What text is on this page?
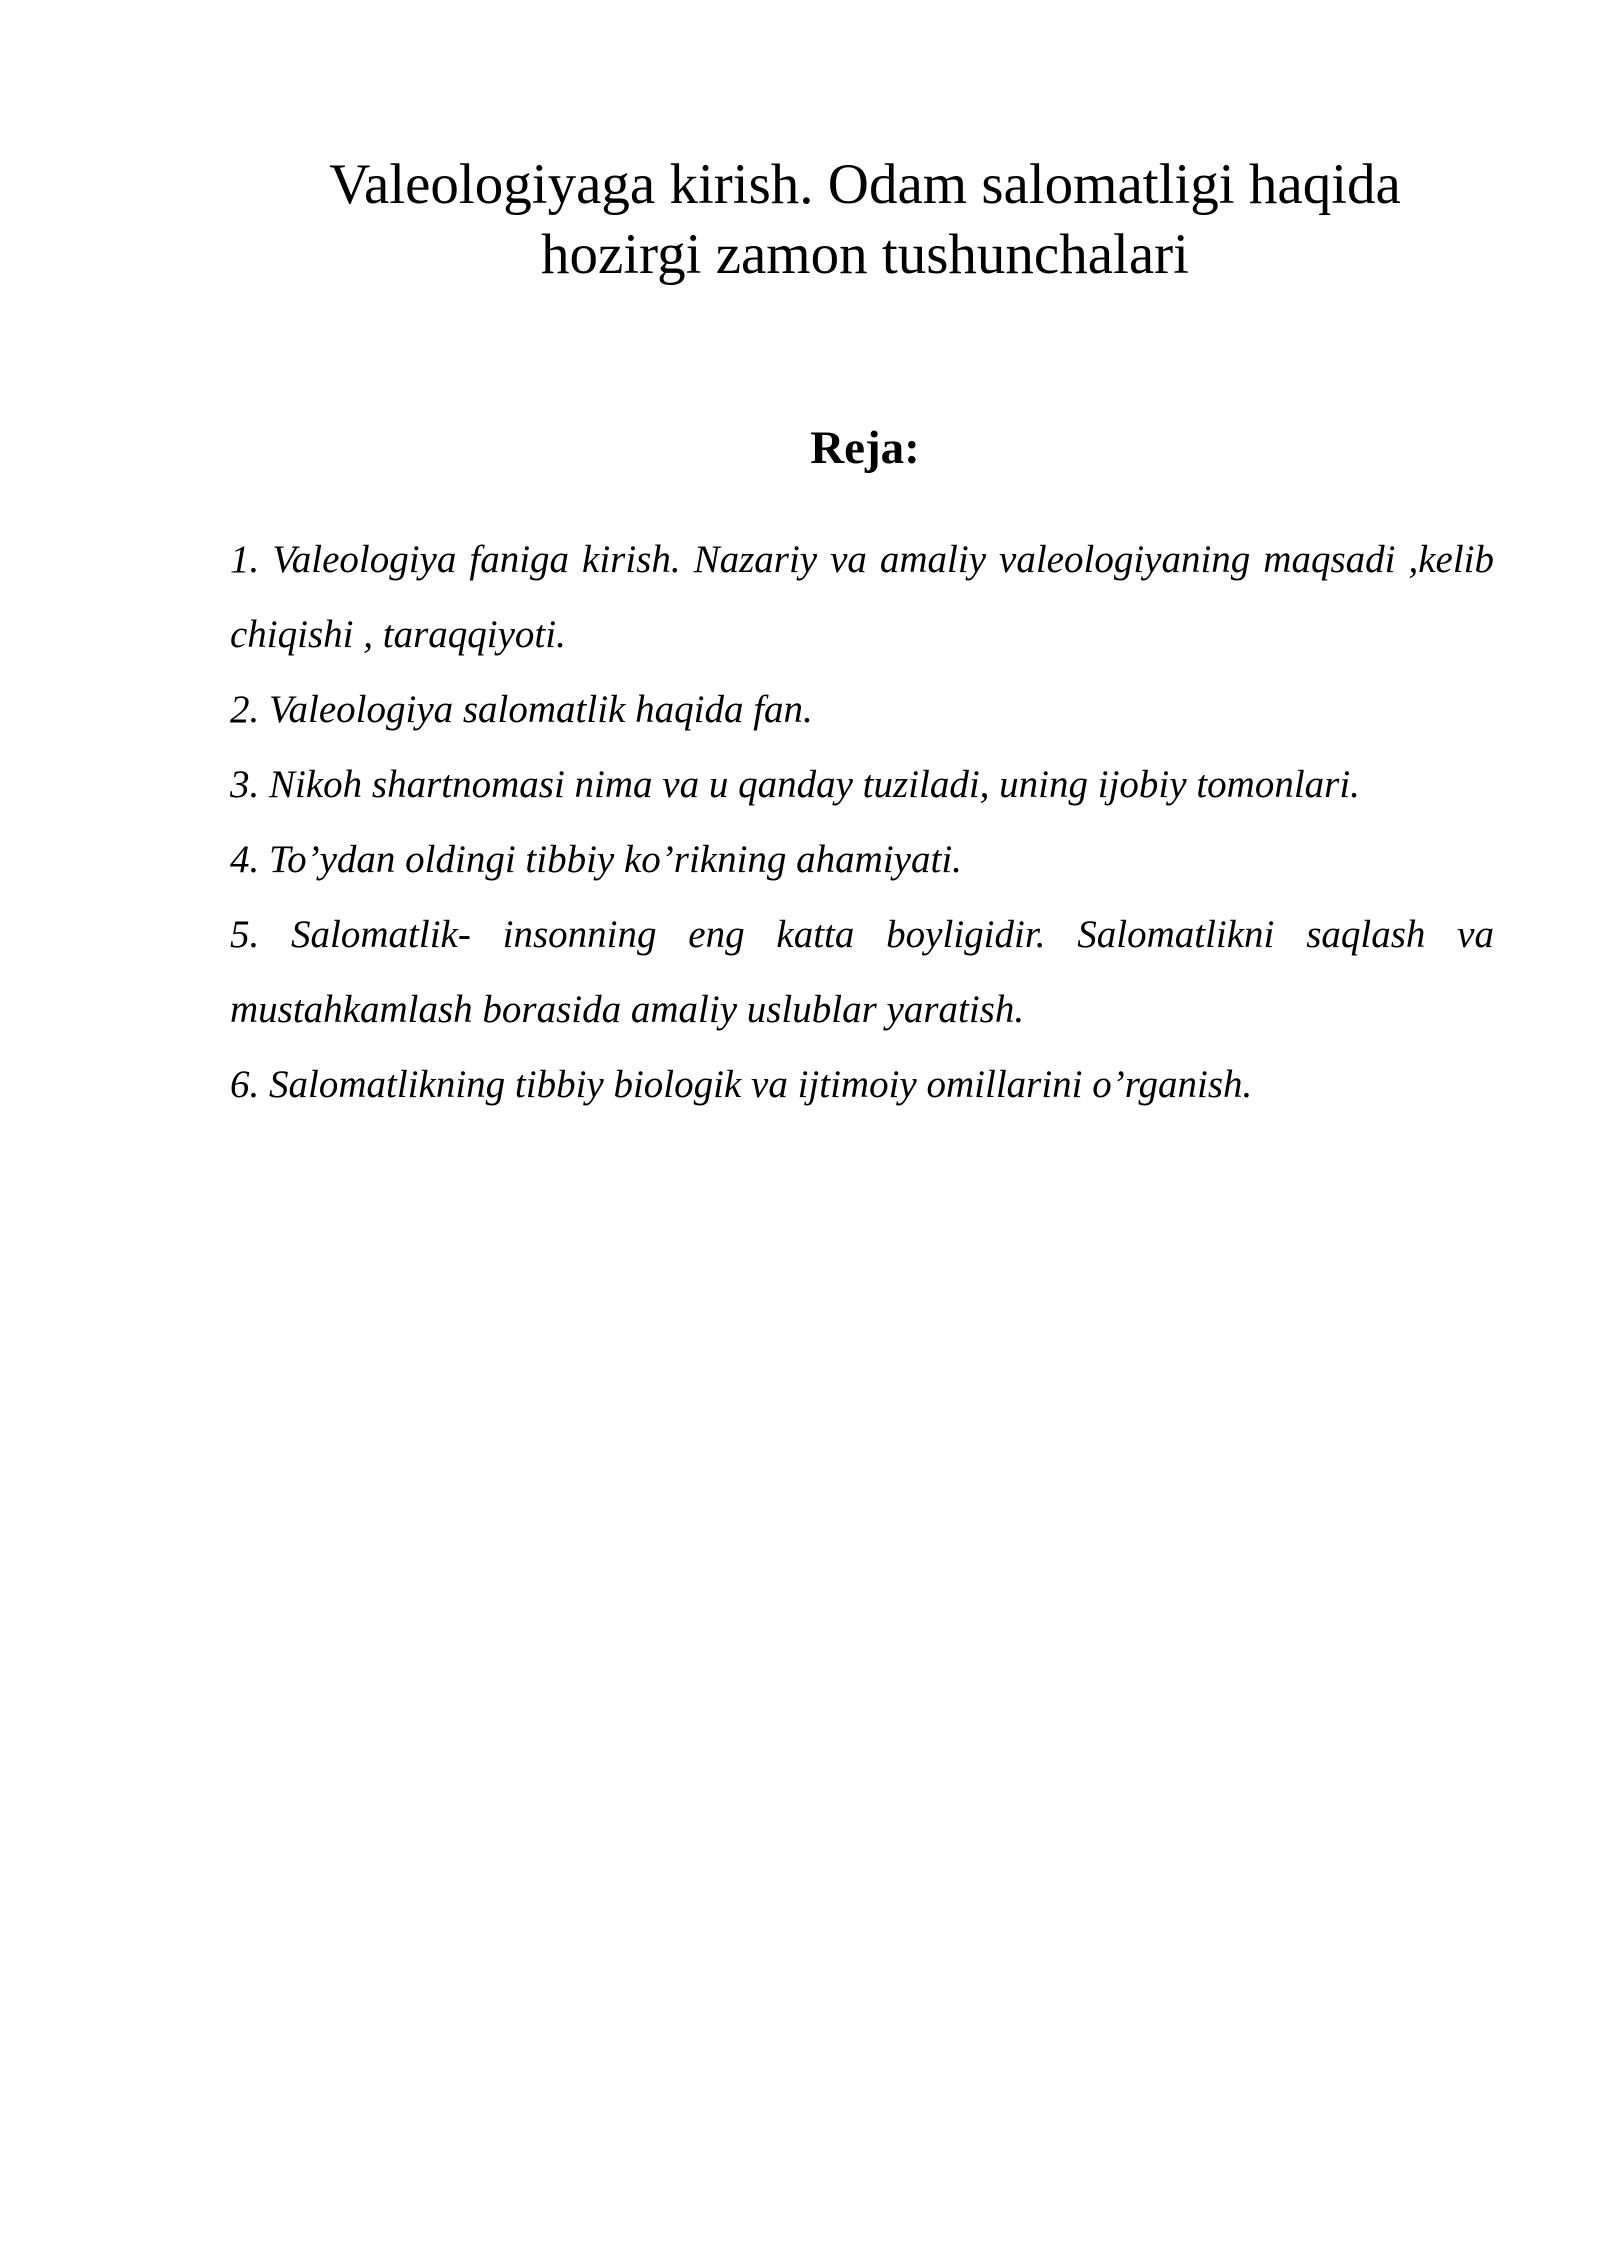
Valeologiyaga kirish. Odam salomatligi haqida
hozirgi zamon tushunchalari
Reja:
1. Valeologiya faniga kirish. Nazariy va amaliy valeologiyaning maqsadi ,kelib chiqishi , taraqqiyoti.
2. Valeologiya salomatlik haqida fan.
3. Nikoh shartnomasi nima va u qanday tuziladi, uning ijobiy tomonlari.
4. To’ydan oldingi tibbiy ko’rikning ahamiyati.
5. Salomatlik- insonning eng katta boyligidir. Salomatlikni saqlash va mustahkamlash borasida amaliy uslublar yaratish.
6. Salomatlikning tibbiy biologik va ijtimoiy omillarini o’rganish.
